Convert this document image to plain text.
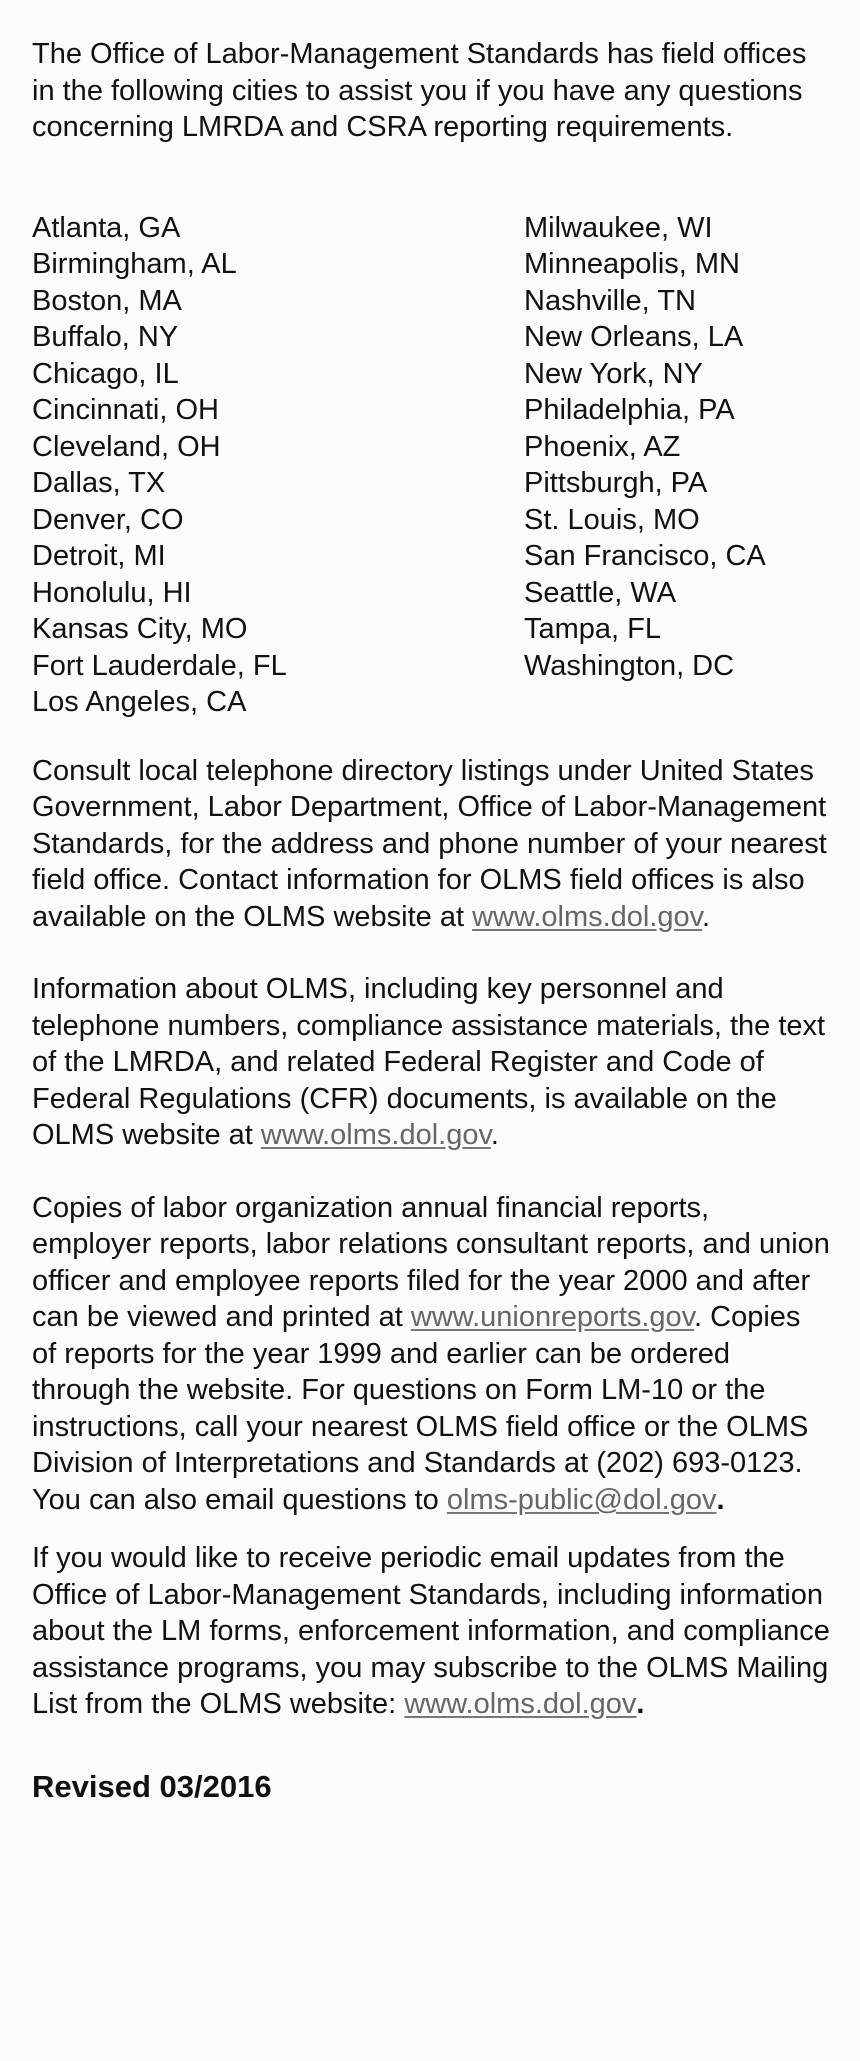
The Office of Labor-Management Standards has field offices in the following cities to assist you if you have any questions concerning LMRDA and CSRA reporting requirements.

Atlanta, GA
Birmingham, AL
Boston, MA
Buffalo, NY
Chicago, IL
Cincinnati, OH
Cleveland, OH
Dallas, TX
Denver, CO
Detroit, MI
Honolulu, HI
Kansas City, MO
Fort Lauderdale, FL
Los Angeles, CA
Milwaukee, WI
Minneapolis, MN
Nashville, TN
New Orleans, LA
New York, NY
Philadelphia, PA
Phoenix, AZ
Pittsburgh, PA
St. Louis, MO
San Francisco, CA
Seattle, WA
Tampa, FL
Washington, DC

Consult local telephone directory listings under United States Government, Labor Department, Office of Labor-Management Standards, for the address and phone number of your nearest field office. Contact information for OLMS field offices is also available on the OLMS website at www.olms.dol.gov.

Information about OLMS, including key personnel and telephone numbers, compliance assistance materials, the text of the LMRDA, and related Federal Register and Code of Federal Regulations (CFR) documents, is available on the OLMS website at www.olms.dol.gov.

Copies of labor organization annual financial reports, employer reports, labor relations consultant reports, and union officer and employee reports filed for the year 2000 and after can be viewed and printed at www.unionreports.gov. Copies of reports for the year 1999 and earlier can be ordered through the website. For questions on Form LM-10 or the instructions, call your nearest OLMS field office or the OLMS Division of Interpretations and Standards at (202) 693-0123. You can also email questions to olms-public@dol.gov.

If you would like to receive periodic email updates from the Office of Labor-Management Standards, including information about the LM forms, enforcement information, and compliance assistance programs, you may subscribe to the OLMS Mailing List from the OLMS website: www.olms.dol.gov.

Revised 03/2016
